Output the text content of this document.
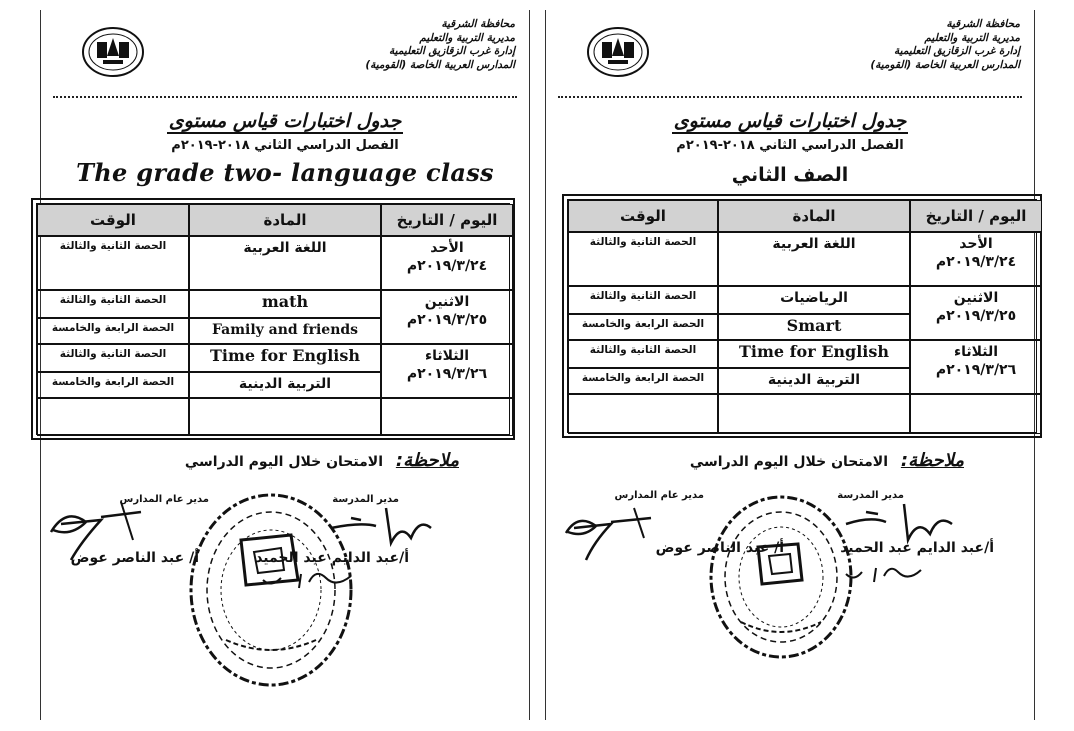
محافظة الشرقية
مديرية التربية والتعليم
إدارة غرب الزقازيق التعليمية
المدارس العربية الخاصة (القومية)
جدول اختبارات قياس مستوى
الفصل الدراسي الثاني ٢٠١٨-٢٠١٩م
The grade two- language class
اليوم / التاريخ
المادة
الوقت
الأحد
٢٠١٩/٣/٢٤م
اللغة العربية
الحصة الثانية والثالثة
الاثنين
٢٠١٩/٣/٢٥م
math
Family and friends
الحصة الثانية والثالثة
الحصة الرابعة والخامسة
الثلاثاء
٢٠١٩/٣/٢٦م
Time for English
التربية الدينية
الحصة الثانية والثالثة
الحصة الرابعة والخامسة
ملاحظة: الامتحان خلال اليوم الدراسي
مدير المدرسة
مدير عام المدارس
أ/عبد الدايم عبد الحميد
أ/ عبد الناصر عوض
محافظة الشرقية
مديرية التربية والتعليم
إدارة غرب الزقازيق التعليمية
المدارس العربية الخاصة (القومية)
جدول اختبارات قياس مستوى
الفصل الدراسي الثاني ٢٠١٨-٢٠١٩م
الصف الثاني
اليوم / التاريخ
المادة
الوقت
الأحد
٢٠١٩/٣/٢٤م
اللغة العربية
الحصة الثانية والثالثة
الاثنين
٢٠١٩/٣/٢٥م
الرياضيات
Smart
الحصة الثانية والثالثة
الحصة الرابعة والخامسة
الثلاثاء
٢٠١٩/٣/٢٦م
Time for English
التربية الدينية
الحصة الثانية والثالثة
الحصة الرابعة والخامسة
ملاحظة: الامتحان خلال اليوم الدراسي
مدير المدرسة
مدير عام المدارس
أ/عبد الدايم عبد الحميد
أ/ عبد الناصر عوض
